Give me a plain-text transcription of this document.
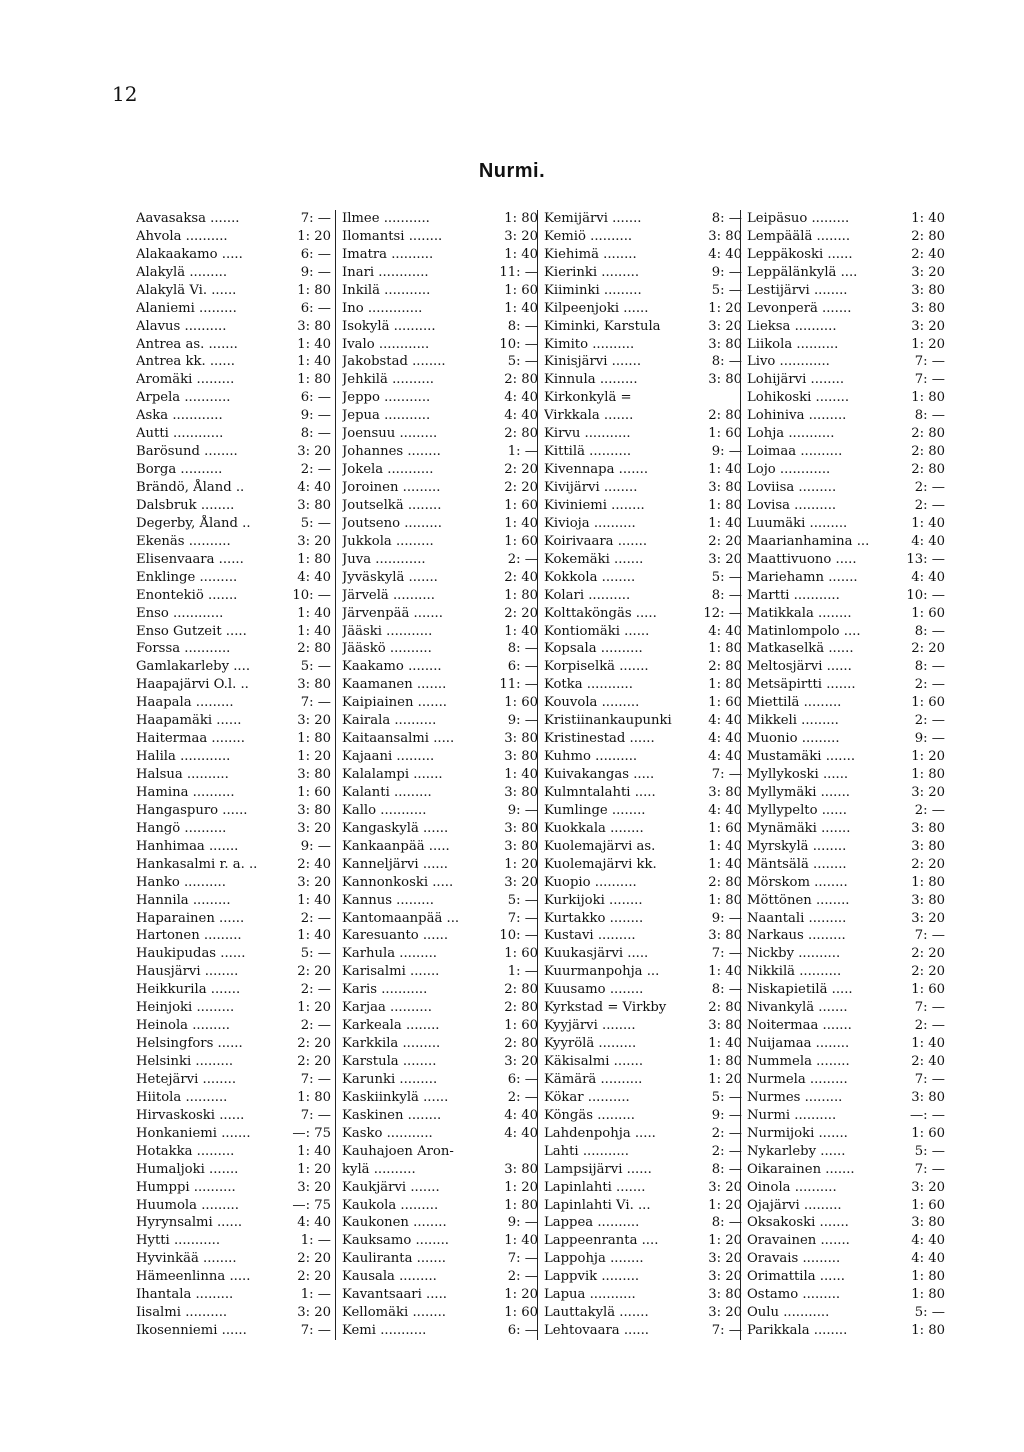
12
Nurmi.
Aavasaksa .......	7: —
Ahvola ..........	1: 20
Alakaakamo .....	6: —
Alakylä .........	9: —
Alakylä Vi. ......	1: 80
Alaniemi .........	6: —
Alavus ..........	3: 80
Antrea as. .......	1: 40
Antrea kk. ......	1: 40
Aromäki .........	1: 80
Arpela ...........	6: —
Aska ............	9: —
Autti ............	8: —
Barösund ........	3: 20
Borga ..........	2: —
Brändö, Åland ..	4: 40
Dalsbruk ........	3: 80
Degerby, Åland ..	5: —
Ekenäs ..........	3: 20
Elisenvaara ......	1: 80
Enklinge .........	4: 40
Enontekiö .......	10: —
Enso ............	1: 40
Enso Gutzeit .....	1: 40
Forssa ...........	2: 80
Gamlakarleby ....	5: —
Haapajärvi O.l. ..	3: 80
Haapala .........	7: —
Haapamäki ......	3: 20
Haitermaa ........	1: 80
Halila ............	1: 20
Halsua ..........	3: 80
Hamina ..........	1: 60
Hangaspuro ......	3: 80
Hangö ..........	3: 20
Hanhimaa .......	9: —
Hankasalmi r. a. ..	2: 40
Hanko ..........	3: 20
Hannila .........	1: 40
Haparainen ......	2: —
Hartonen .........	1: 40
Haukipudas ......	5: —
Hausjärvi ........	2: 20
Heikkurila .......	2: —
Heinjoki .........	1: 20
Heinola .........	2: —
Helsingfors ......	2: 20
Helsinki .........	2: 20
Hetejärvi ........	7: —
Hiitola ..........	1: 80
Hirvaskoski ......	7: —
Honkaniemi .......	—: 75
Hotakka .........	1: 40
Humaljoki .......	1: 20
Humppi ..........	3: 20
Huumola .........	—: 75
Hyrynsalmi ......	4: 40
Hytti ...........	1: —
Hyvinkää ........	2: 20
Hämeenlinna .....	2: 20
Ihantala .........	1: —
Iisalmi ..........	3: 20
Ikosenniemi ......	7: —
Ilmee ...........	1: 80
Ilomantsi ........	3: 20
Imatra ..........	1: 40
Inari ............	11: —
Inkilä ...........	1: 60
Ino .............	1: 40
Isokylä ..........	8: —
Ivalo ............	10: —
Jakobstad ........	5: —
Jehkilä ..........	2: 80
Jeppo ...........	4: 40
Jepua ...........	4: 40
Joensuu .........	2: 80
Johannes ........	1: —
Jokela ...........	2: 20
Joroinen .........	2: 20
Joutselkä ........	1: 60
Joutseno .........	1: 40
Jukkola .........	1: 60
Juva ............	2: —
Jyväskylä .......	2: 40
Järvelä ..........	1: 80
Järvenpää .......	2: 20
Jääski ...........	1: 40
Jääskö ..........	8: —
Kaakamo ........	6: —
Kaamanen .......	11: —
Kaipiainen .......	1: 60
Kairala ..........	9: —
Kaitaansalmi .....	3: 80
Kajaani .........	3: 80
Kalalampi .......	1: 40
Kalanti .........	3: 80
Kallo ...........	9: —
Kangaskylä ......	3: 80
Kankaanpää .....	3: 80
Kanneljärvi ......	1: 20
Kannonkoski .....	3: 20
Kannus .........	5: —
Kantomaanpää ...	7: —
Karesuanto ......	10: —
Karhula .........	1: 60
Karisalmi .......	1: —
Karis ...........	2: 80
Karjaa ..........	2: 80
Karkeala ........	1: 60
Karkkila .........	2: 80
Karstula ........	3: 20
Karunki .........	6: —
Kaskiinkylä ......	2: —
Kaskinen ........	4: 40
Kasko ...........	4: 40
Kauhajoen Aron-
kylä ..........	3: 80
Kaukjärvi .......	1: 20
Kaukola .........	1: 80
Kaukonen ........	9: —
Kauksamo ........	1: 40
Kauliranta .......	7: —
Kausala .........	2: —
Kavantsaari .....	1: 20
Kellomäki ........	1: 60
Kemi ...........	6: —
Kemijärvi .......	8: —
Kemiö ..........	3: 80
Kiehimä ........	4: 40
Kierinki .........	9: —
Kiiminki .........	5: —
Kilpeenjoki ......	1: 20
Kiminki, Karstula	3: 20
Kimito ..........	3: 80
Kinisjärvi .......	8: —
Kinnula .........	3: 80
Kirkonkylä =
Virkkala .......	2: 80
Kirvu ...........	1: 60
Kittilä ..........	9: —
Kivennapa .......	1: 40
Kivijärvi ........	3: 80
Kiviniemi ........	1: 80
Kivioja ..........	1: 40
Koirivaara .......	2: 20
Kokemäki .......	3: 20
Kokkola ........	5: —
Kolari ..........	8: —
Kolttaköngäs .....	12: —
Kontiomäki ......	4: 40
Kopsala ..........	1: 80
Korpiselkä .......	2: 80
Kotka ...........	1: 80
Kouvola .........	1: 60
Kristiinankaupunki	4: 40
Kristinestad ......	4: 40
Kuhmo ..........	4: 40
Kuivakangas .....	7: —
Kulmntalahti .....	3: 80
Kumlinge ........	4: 40
Kuokkala ........	1: 60
Kuolemajärvi as.	1: 40
Kuolemajärvi kk.	1: 40
Kuopio ..........	2: 80
Kurkijoki ........	1: 80
Kurtakko ........	9: —
Kustavi .........	3: 80
Kuukasjärvi .....	7: —
Kuurmanpohja ...	1: 40
Kuusamo ........	8: —
Kyrkstad = Virkby	2: 80
Kyyjärvi ........	3: 80
Kyyrölä .........	1: 40
Käkisalmi .......	1: 80
Kämärä ..........	1: 20
Kökar ..........	5: —
Köngäs .........	9: —
Lahdenpohja .....	2: —
Lahti ...........	2: —
Lampsijärvi ......	8: —
Lapinlahti .......	3: 20
Lapinlahti Vi. ...	1: 20
Lappea ..........	8: —
Lappeenranta ....	1: 20
Lappohja ........	3: 20
Lappvik .........	3: 20
Lapua ...........	3: 80
Lauttakylä .......	3: 20
Lehtovaara ......	7: —
Leipäsuo .........	1: 40
Lempäälä ........	2: 80
Leppäkoski ......	2: 40
Leppälänkylä ....	3: 20
Lestijärvi ........	3: 80
Levonperä .......	3: 80
Lieksa ..........	3: 20
Liikola ..........	1: 20
Livo ............	7: —
Lohijärvi ........	7: —
Lohikoski ........	1: 80
Lohiniva .........	8: —
Lohja ...........	2: 80
Loimaa ..........	2: 80
Lojo ............	2: 80
Loviisa .........	2: —
Lovisa ..........	2: —
Luumäki .........	1: 40
Maarianhamina ...	4: 40
Maattivuono .....	13: —
Mariehamn .......	4: 40
Martti ...........	10: —
Matikkala ........	1: 60
Matinlompolo ....	8: —
Matkaselkä ......	2: 20
Meltosjärvi ......	8: —
Metsäpirtti .......	2: —
Miettilä .........	1: 60
Mikkeli .........	2: —
Muonio .........	9: —
Mustamäki .......	1: 20
Myllykoski ......	1: 80
Myllymäki .......	3: 20
Myllypelto ......	2: —
Mynämäki .......	3: 80
Myrskylä ........	3: 80
Mäntsälä ........	2: 20
Mörskom ........	1: 80
Möttönen ........	3: 80
Naantali .........	3: 20
Narkaus .........	7: —
Nickby ..........	2: 20
Nikkilä ..........	2: 20
Niskapietilä .....	1: 60
Nivankylä .......	7: —
Noitermaa .......	2: —
Nuijamaa ........	1: 40
Nummela ........	2: 40
Nurmela .........	7: —
Nurmes .........	3: 80
Nurmi ..........	—: —
Nurmijoki .......	1: 60
Nykarleby ......	5: —
Oikarainen .......	7: —
Oinola ..........	3: 20
Ojajärvi .........	1: 60
Oksakoski .......	3: 80
Oravainen .......	4: 40
Oravais .........	4: 40
Orimattila ......	1: 80
Ostamo .........	1: 80
Oulu ...........	5: —
Parikkala ........	1: 80
